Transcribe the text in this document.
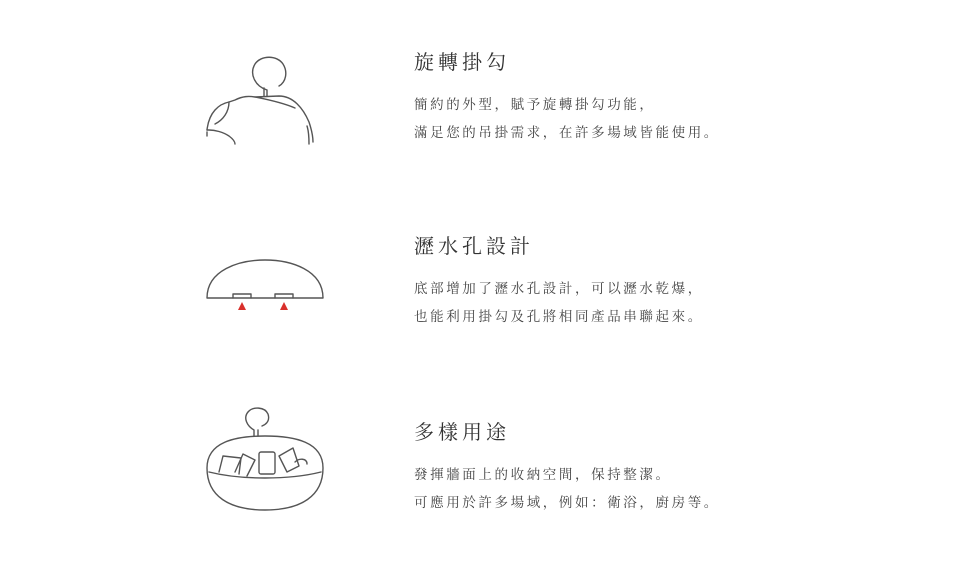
旋轉掛勾
簡約的外型，賦予旋轉掛勾功能，
滿足您的吊掛需求，在許多場域皆能使用。
瀝水孔設計
底部增加了瀝水孔設計，可以瀝水乾爆，
也能利用掛勾及孔將相同產品串聯起來。
多樣用途
發揮牆面上的收納空間，保持整潔。
可應用於許多場域，例如：衛浴，廚房等。
